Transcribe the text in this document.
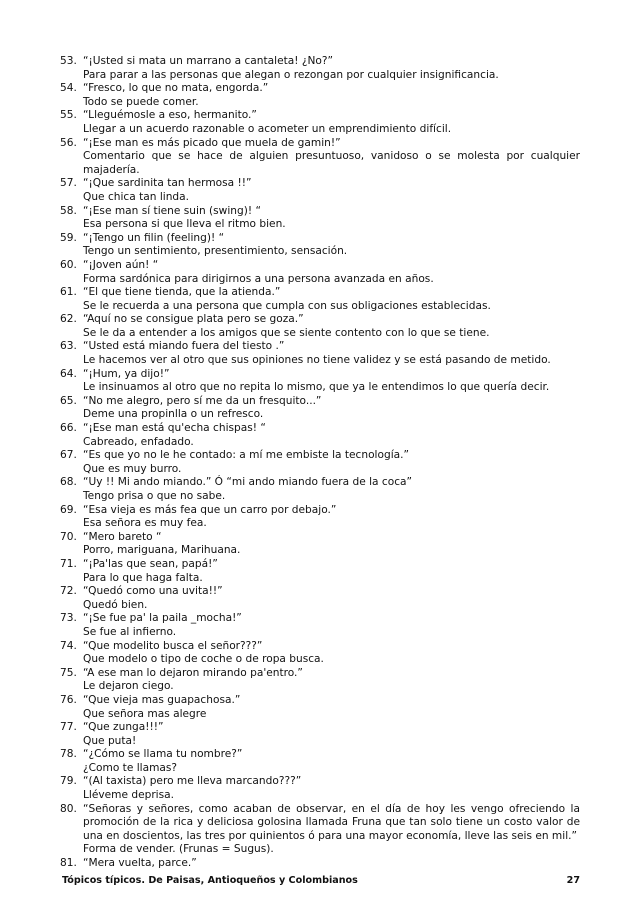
53. “¡Usted si mata un marrano a cantaleta! ¿No?”
Para parar a las personas que alegan o rezongan por cualquier insignificancia.
54. “Fresco, lo que no mata, engorda.”
Todo se puede comer.
55. “Lleguémosle a eso, hermanito.”
Llegar a un acuerdo razonable o acometer un emprendimiento difícil.
56. “¡Ese man es más picado que muela de gamin!”
Comentario que se hace de alguien presuntuoso, vanidoso o se molesta por cualquier majadería.
57. “¡Que sardinita tan hermosa !!”
Que chica tan linda.
58. “¡Ese man sí tiene suin (swing)! “
Esa persona si que lleva el ritmo bien.
59. “¡Tengo un filin (feeling)! “
Tengo un sentimiento, presentimiento, sensación.
60. “¡Joven aún! “
Forma sardónica para dirigirnos a una persona avanzada en años.
61. “El que tiene tienda, que la atienda.”
Se le recuerda a una persona que cumpla con sus obligaciones establecidas.
62. “Aquí no se consigue plata pero se goza.”
Se le da a entender a los amigos que se siente contento con lo que se tiene.
63. “Usted está miando fuera del tiesto .”
Le hacemos ver al otro que sus opiniones no tiene validez y se está pasando de metido.
64. “¡Hum, ya dijo!”
Le insinuamos al otro que no repita lo mismo, que ya le entendimos lo que quería decir.
65. “No me alegro, pero sí me da un fresquito...”
Deme una propinlla o un refresco.
66. “¡Ese man está qu'echa chispas! “
Cabreado, enfadado.
67. “Es que yo no le he contado: a mí me embiste la tecnología.”
Que es muy burro.
68. “Uy !! Mi ando miando.” Ó “mi ando miando fuera de la coca”
Tengo prisa o que no sabe.
69. “Esa vieja es más fea que un carro por debajo.”
Esa señora es muy fea.
70. “Mero bareto “
Porro, mariguana, Marihuana.
71. “¡Pa'las que sean, papá!”
Para lo que haga falta.
72. “Quedó como una uvita!!”
Quedó bien.
73. “¡Se fue pa' la paila _mocha!”
Se fue al infierno.
74. “Que modelito busca el señor???”
Que modelo o tipo de coche o de ropa busca.
75. “A ese man lo dejaron mirando pa'entro.”
Le dejaron ciego.
76. “Que vieja mas guapachosa.”
Que señora mas alegre
77. “Que zunga!!!”
Que puta!
78. “¿Cómo se llama tu nombre?”
¿Como te llamas?
79. “(Al taxista) pero me lleva marcando???”
Lléveme deprisa.
80. “Señoras y señores, como acaban de observar, en el día de hoy les vengo ofreciendo la promoción de la rica y deliciosa golosina llamada Fruna que tan solo tiene un costo valor de una en doscientos, las tres por quinientos ó para una mayor economía, lleve las seis en mil.”
Forma de vender. (Frunas = Sugus).
81. “Mera vuelta, parce.”
Tópicos típicos. De Paisas, Antioqueños y Colombianos	27
